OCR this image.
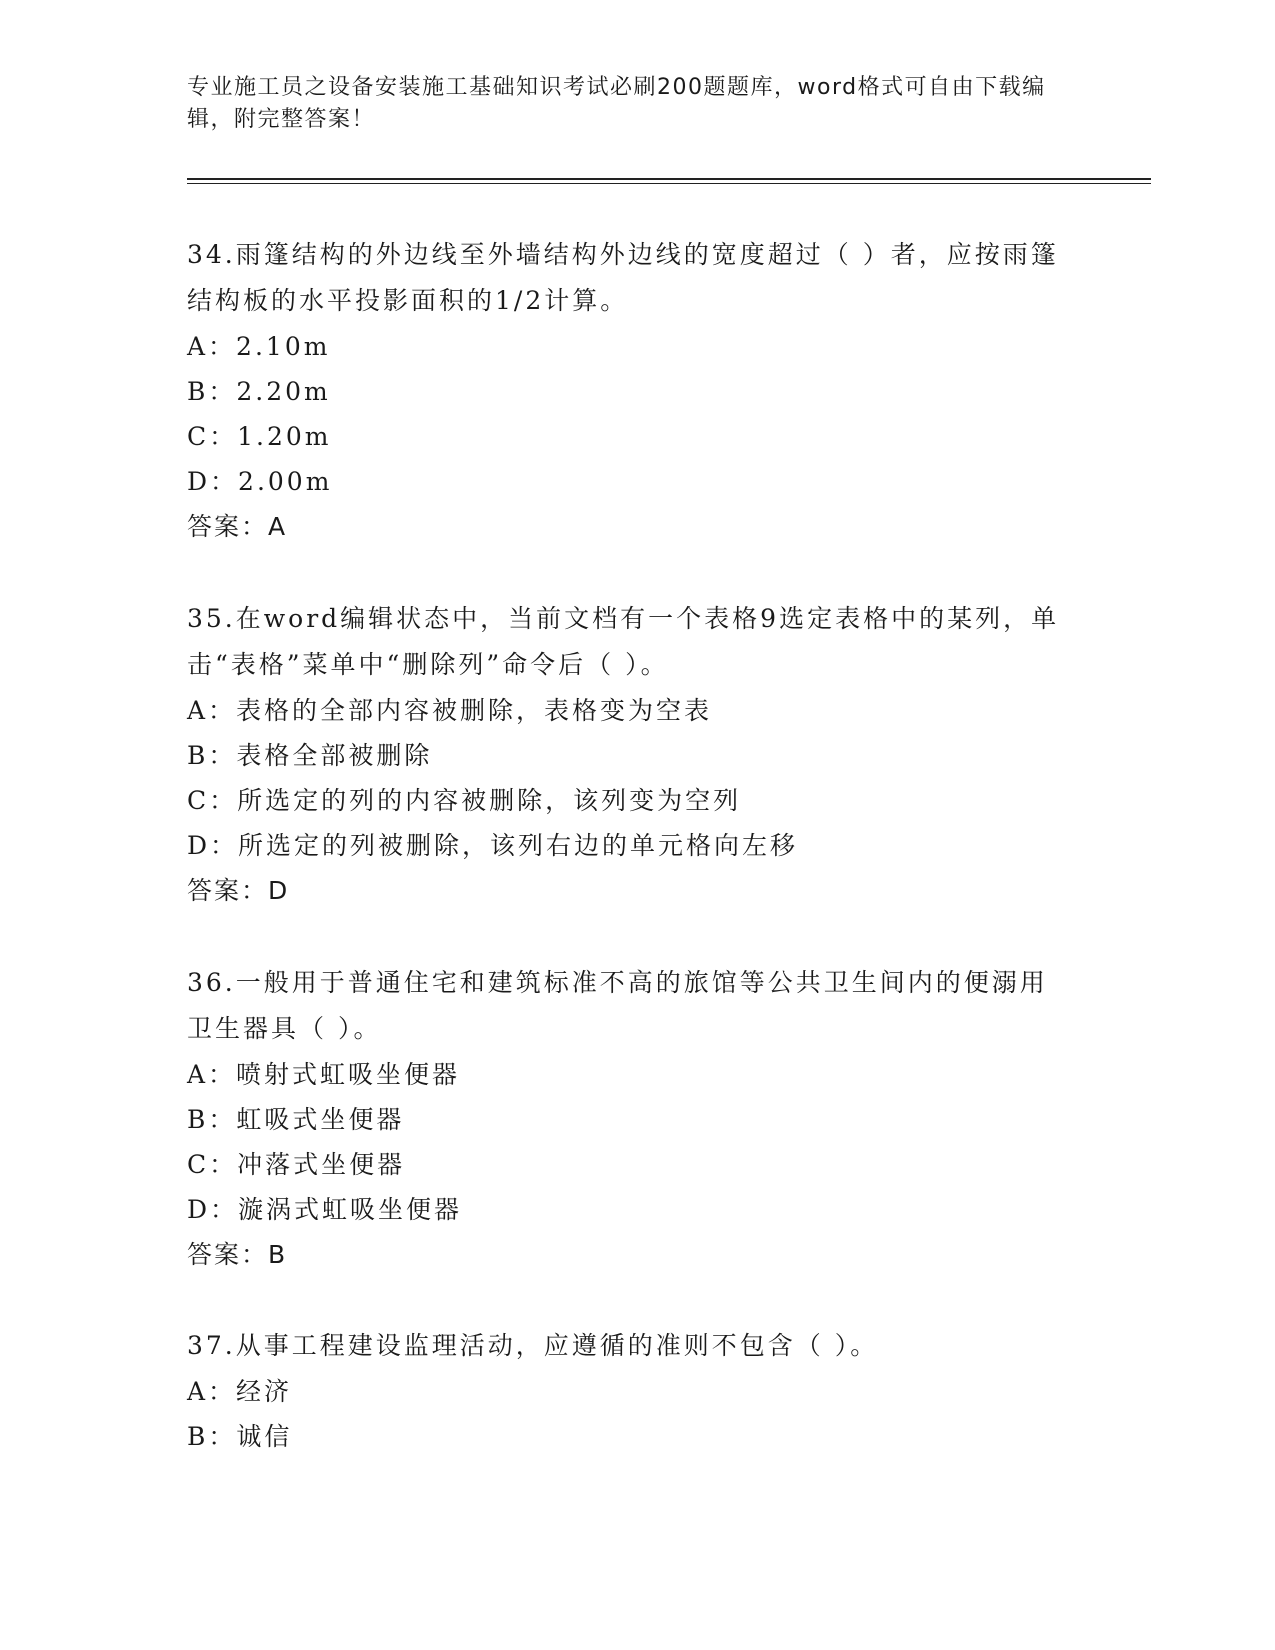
专业施工员之设备安装施工基础知识考试必刷200题题库，word格式可自由下载编辑，附完整答案！
34.雨篷结构的外边线至外墙结构外边线的宽度超过（ ）者，应按雨篷结构板的水平投影面积的1/2计算。
A：2.10m
B：2.20m
C：1.20m
D：2.00m
答案：A
35.在word编辑状态中，当前文档有一个表格9选定表格中的某列，单击“表格”菜单中“删除列”命令后（ ）。
A：表格的全部内容被删除，表格变为空表
B：表格全部被删除
C：所选定的列的内容被删除，该列变为空列
D：所选定的列被删除，该列右边的单元格向左移
答案：D
36.一般用于普通住宅和建筑标准不高的旅馆等公共卫生间内的便溺用卫生器具（ ）。
A：喷射式虹吸坐便器
B：虹吸式坐便器
C：冲落式坐便器
D：漩涡式虹吸坐便器
答案：B
37.从事工程建设监理活动，应遵循的准则不包含（ ）。
A：经济
B：诚信
